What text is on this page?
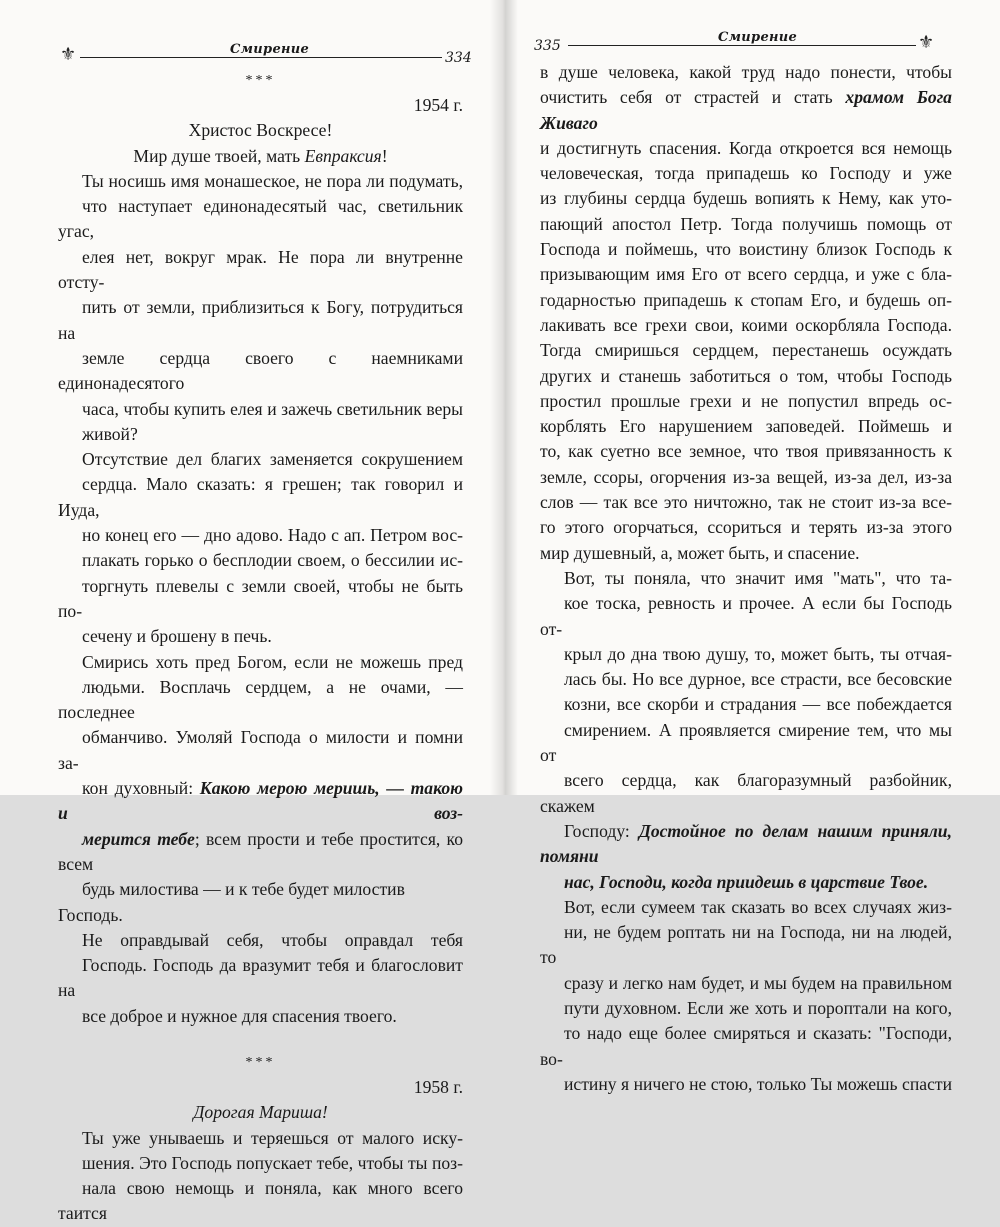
⚜	Смирение
334

***

1954 г.

Христос Воскресе!

Мир душе твоей, мать Евпраксия!

Ты носишь имя монашеское, не пора ли подумать,
что наступает единонадесятый час, светильник угас,
елея нет, вокруг мрак. Не пора ли внутренне отсту-
пить от земли, приблизиться к Богу, потрудиться на
земле сердца своего с наемниками единонадесятого
часа, чтобы купить елея и зажечь светильник веры
живой?

Отсутствие дел благих заменяется сокрушением
сердца. Мало сказать: я грешен; так говорил и Иуда,
но конец его — дно адово. Надо с ап. Петром вос-
плакать горько о бесплодии своем, о бессилии ис-
торгнуть плевелы с земли своей, чтобы не быть по-
сечену и брошену в печь.

Смирись хоть пред Богом, если не можешь пред
людьми. Восплачь сердцем, а не очами, — последнее
обманчиво. Умоляй Господа о милости и помни за-
кон духовный: Какою мерою меришь, — такою и воз-
мерится тебе; всем прости и тебе простится, ко всем
будь милостива — и к тебе будет милостив Господь.

Не оправдывай себя, чтобы оправдал тебя
Господь. Господь да вразумит тебя и благословит на
все доброе и нужное для спасения твоего.

***

1958 г.

Дорогая Мариша!

Ты уже унываешь и теряешься от малого иску-
шения. Это Господь попускает тебе, чтобы ты поз-
нала свою немощь и поняла, как много всего таится

335
Смирение	⚜

в душе человека, какой труд надо понести, чтобы
очистить себя от страстей и стать храмом Бога Живаго
и достигнуть спасения. Когда откроется вся немощь
человеческая, тогда припадешь ко Господу и уже
из глубины сердца будешь вопиять к Нему, как уто-
пающий апостол Петр. Тогда получишь помощь от
Господа и поймешь, что воистину близок Господь к
призывающим имя Его от всего сердца, и уже с бла-
годарностью припадешь к стопам Его, и будешь оп-
лакивать все грехи свои, коими оскорбляла Господа.
Тогда смиришься сердцем, перестанешь осуждать
других и станешь заботиться о том, чтобы Господь
простил прошлые грехи и не попустил впредь ос-
корблять Его нарушением заповедей. Поймешь и
то, как суетно все земное, что твоя привязанность к
земле, ссоры, огорчения из-за вещей, из-за дел, из-за
слов — так все это ничтожно, так не стоит из-за все-
го этого огорчаться, ссориться и терять из-за этого
мир душевный, а, может быть, и спасение.

Вот, ты поняла, что значит имя "мать", что та-
кое тоска, ревность и прочее. А если бы Господь от-
крыл до дна твою душу, то, может быть, ты отчая-
лась бы. Но все дурное, все страсти, все бесовские
козни, все скорби и страдания — все побеждается
смирением. А проявляется смирение тем, что мы от
всего сердца, как благоразумный разбойник, скажем
Господу: Достойное по делам нашим приняли, помяни
нас, Господи, когда приидешь в царствие Твое.

Вот, если сумеем так сказать во всех случаях жиз-
ни, не будем роптать ни на Господа, ни на людей, то
сразу и легко нам будет, и мы будем на правильном
пути духовном. Если же хоть и пороптали на кого,
то надо еще более смиряться и сказать: "Господи, во-
истину я ничего не стою, только Ты можешь спасти
